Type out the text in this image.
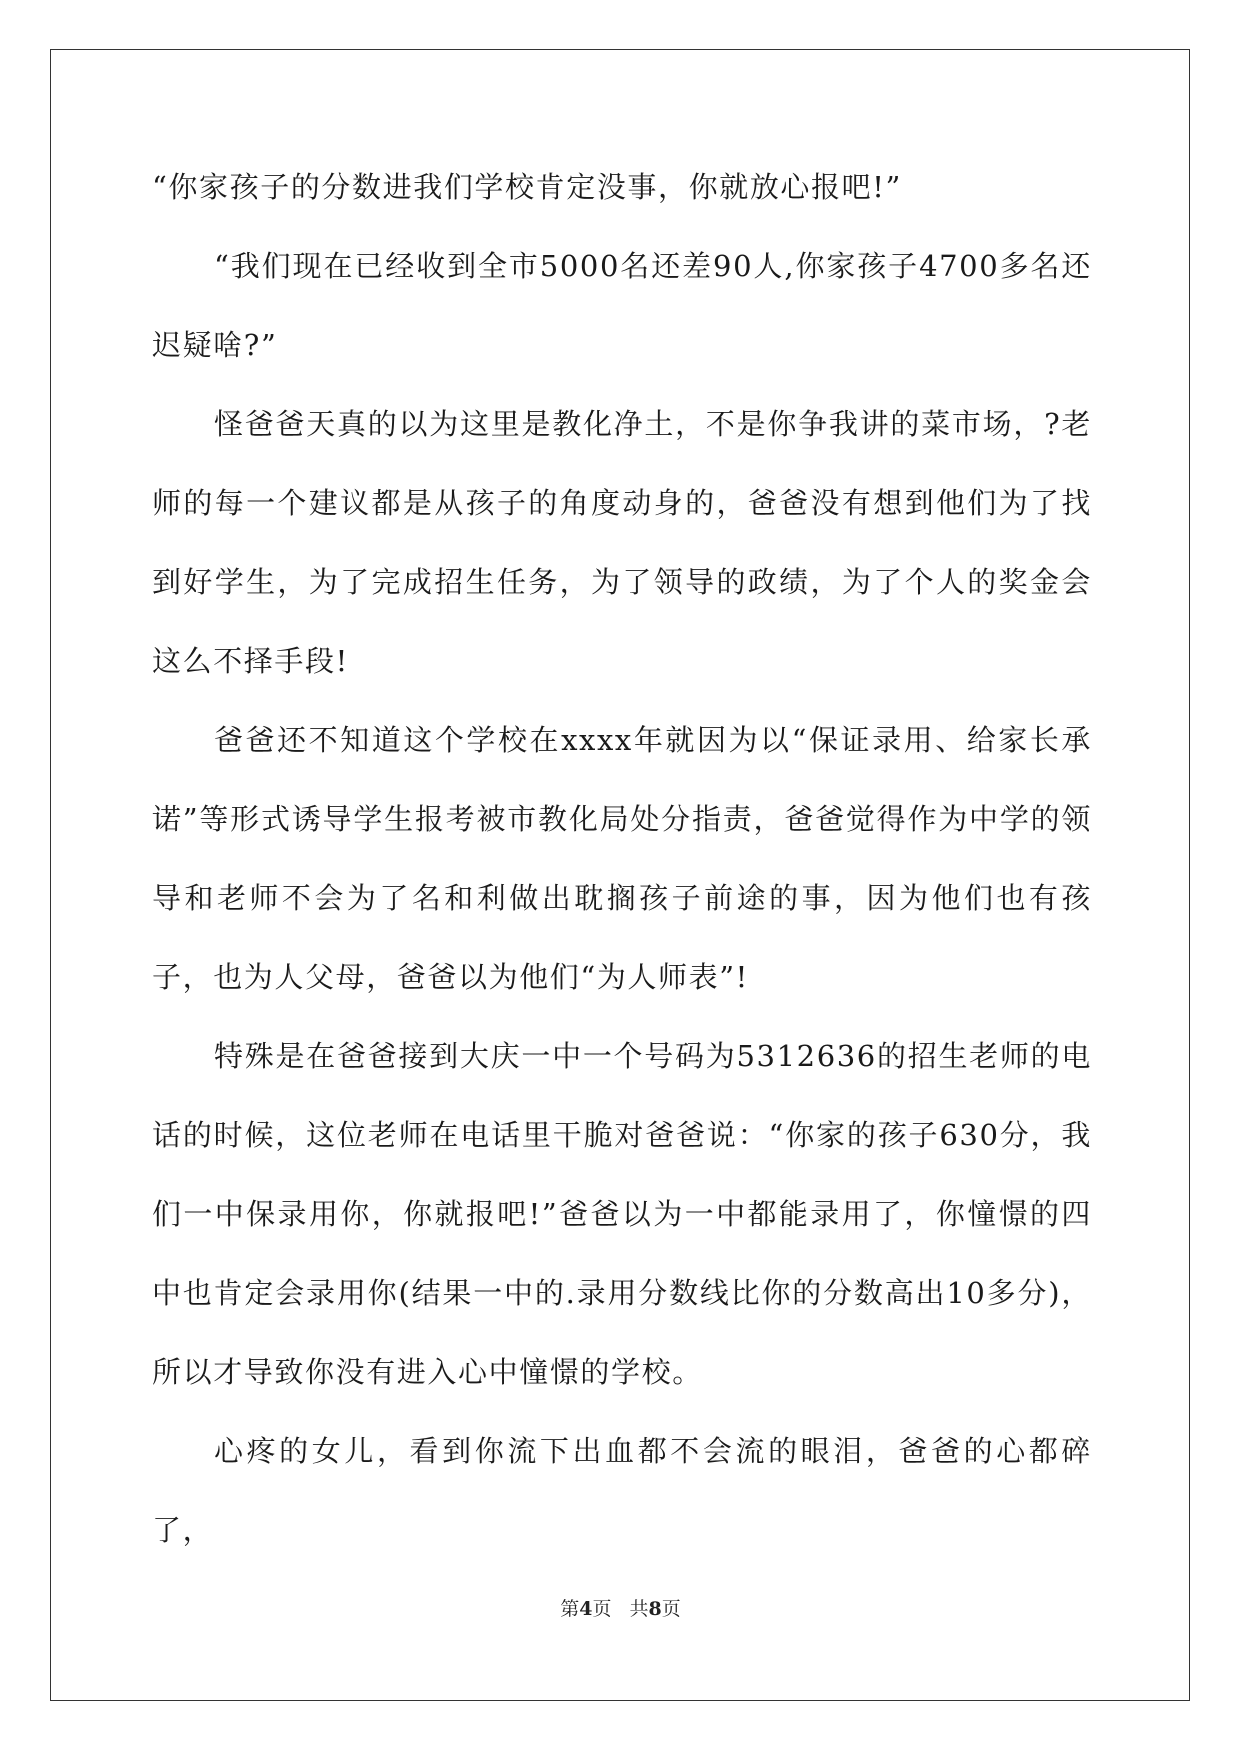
“你家孩子的分数进我们学校肯定没事，你就放心报吧!”

“我们现在已经收到全市5000名还差90人,你家孩子4700多名还迟疑啥?”

怪爸爸天真的以为这里是教化净土，不是你争我讲的菜市场，?老师的每一个建议都是从孩子的角度动身的，爸爸没有想到他们为了找到好学生，为了完成招生任务，为了领导的政绩，为了个人的奖金会这么不择手段!

爸爸还不知道这个学校在xxxx年就因为以“保证录用、给家长承诺”等形式诱导学生报考被市教化局处分指责，爸爸觉得作为中学的领导和老师不会为了名和利做出耽搁孩子前途的事，因为他们也有孩子，也为人父母，爸爸以为他们“为人师表”!

特殊是在爸爸接到大庆一中一个号码为5312636的招生老师的电话的时候，这位老师在电话里干脆对爸爸说：“你家的孩子630分，我们一中保录用你，你就报吧!”爸爸以为一中都能录用了，你憧憬的四中也肯定会录用你(结果一中的.录用分数线比你的分数高出10多分)，所以才导致你没有进入心中憧憬的学校。

心疼的女儿，看到你流下出血都不会流的眼泪，爸爸的心都碎了，

第4页 共8页
